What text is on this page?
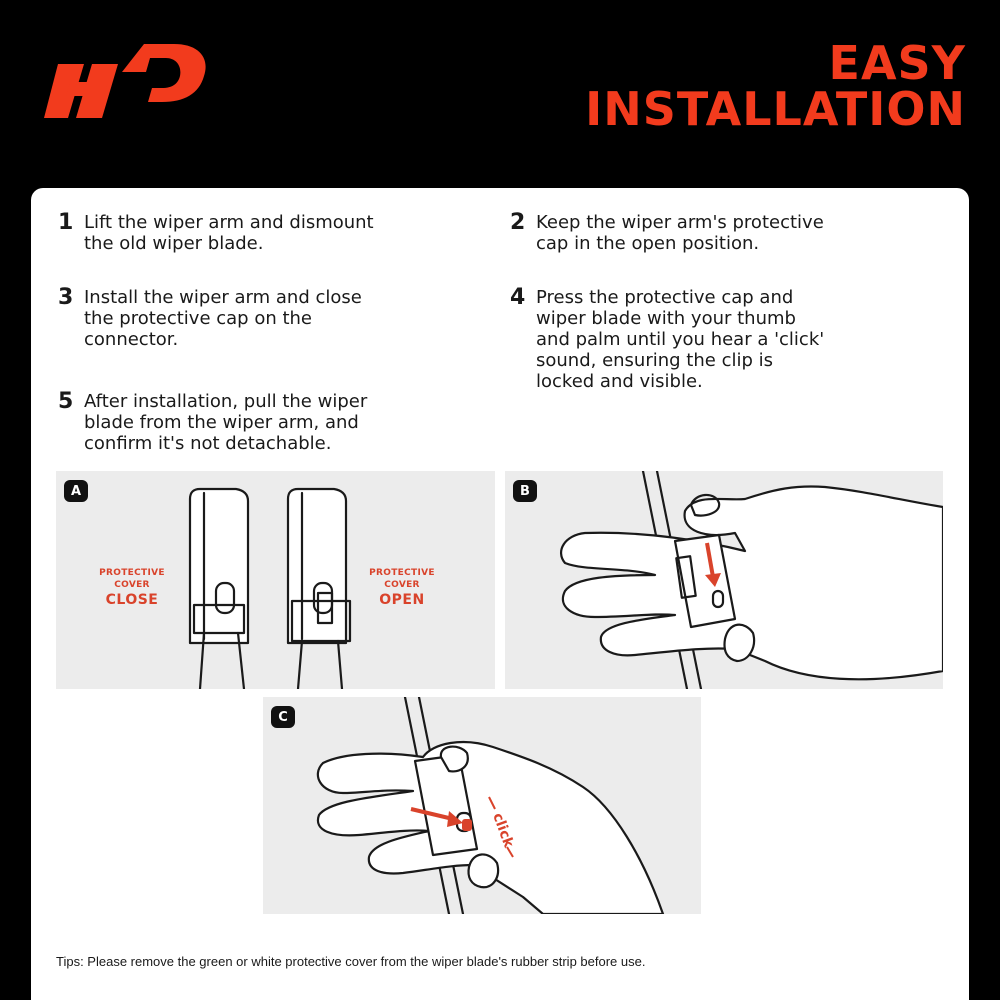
EASY
INSTALLATION
1 Lift the wiper arm and dismount
the old wiper blade.
2 Keep the wiper arm's protective
cap in the open position.
3 Install the wiper arm and close
the protective cap on the
connector.
4 Press the protective cap and
wiper blade with your thumb
and palm until you hear a 'click'
sound, ensuring the clip is
locked and visible.
5 After installation, pull the wiper
blade from the wiper arm, and
confirm it's not detachable.
A
PROTECTIVE
COVER
CLOSE
PROTECTIVE
COVER
OPEN
B
click
C
Tips: Please remove the green or white protective cover from the wiper blade's rubber strip before use.
